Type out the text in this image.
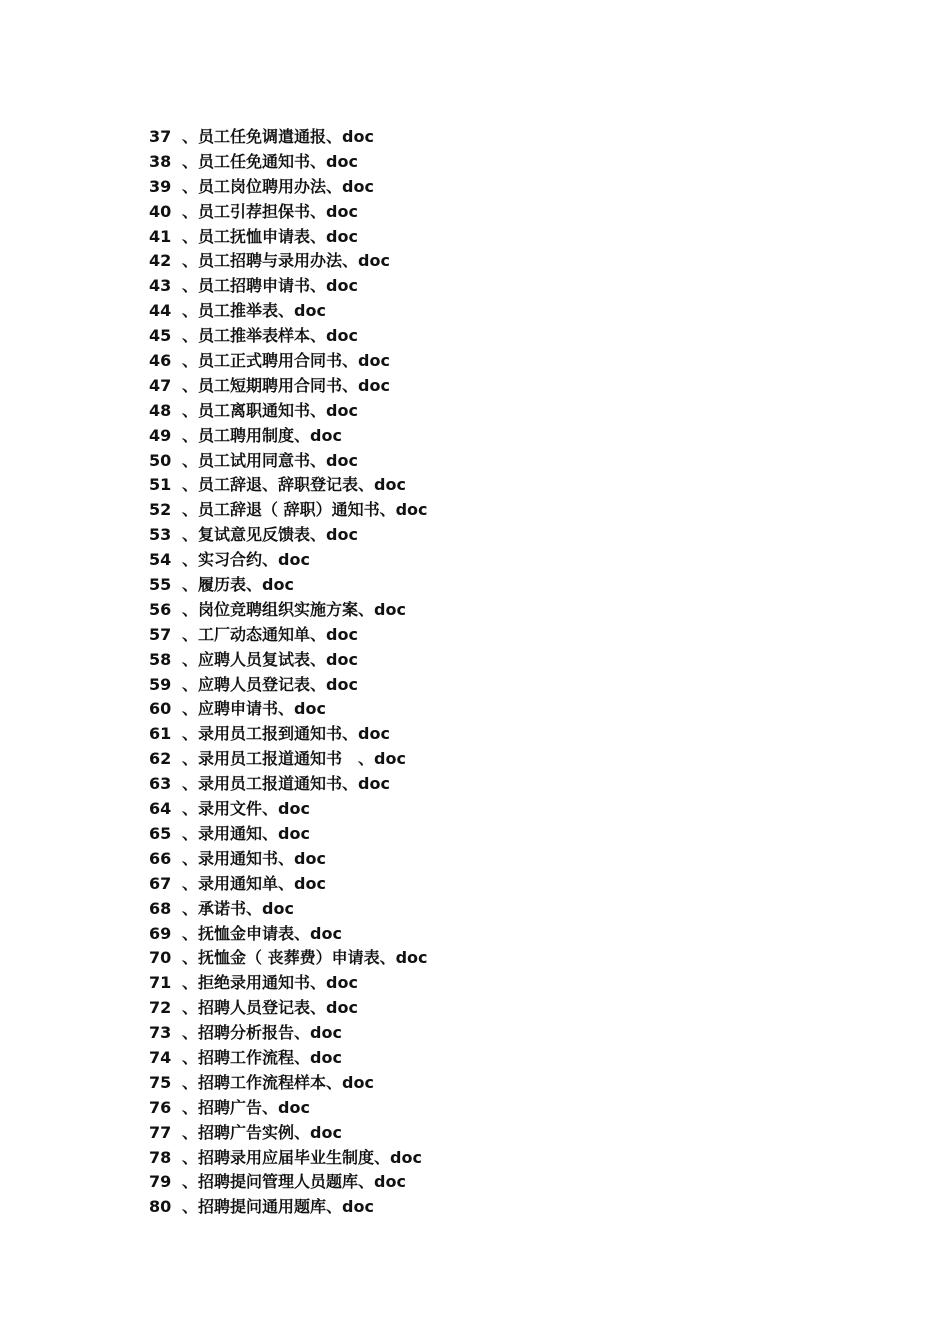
37 、员工任免调遣通报、doc
38 、员工任免通知书、doc
39 、员工岗位聘用办法、doc
40 、员工引荐担保书、doc
41 、员工抚恤申请表、doc
42 、员工招聘与录用办法、doc
43 、员工招聘申请书、doc
44 、员工推举表、doc
45 、员工推举表样本、doc
46 、员工正式聘用合同书、doc
47 、员工短期聘用合同书、doc
48 、员工离职通知书、doc
49 、员工聘用制度、doc
50 、员工试用同意书、doc
51 、员工辞退、辞职登记表、doc
52 、员工辞退（ 辞职）通知书、doc
53 、复试意见反馈表、doc
54 、实习合约、doc
55 、履历表、doc
56 、岗位竞聘组织实施方案、doc
57 、工厂动态通知单、doc
58 、应聘人员复试表、doc
59 、应聘人员登记表、doc
60 、应聘申请书、doc
61 、录用员工报到通知书、doc
62 、录用员工报道通知书　、doc
63 、录用员工报道通知书、doc
64 、录用文件、doc
65 、录用通知、doc
66 、录用通知书、doc
67 、录用通知单、doc
68 、承诺书、doc
69 、抚恤金申请表、doc
70 、抚恤金（ 丧葬费）申请表、doc
71 、拒绝录用通知书、doc
72 、招聘人员登记表、doc
73 、招聘分析报告、doc
74 、招聘工作流程、doc
75 、招聘工作流程样本、doc
76 、招聘广告、doc
77 、招聘广告实例、doc
78 、招聘录用应届毕业生制度、doc
79 、招聘提问管理人员题库、doc
80 、招聘提问通用题库、doc
